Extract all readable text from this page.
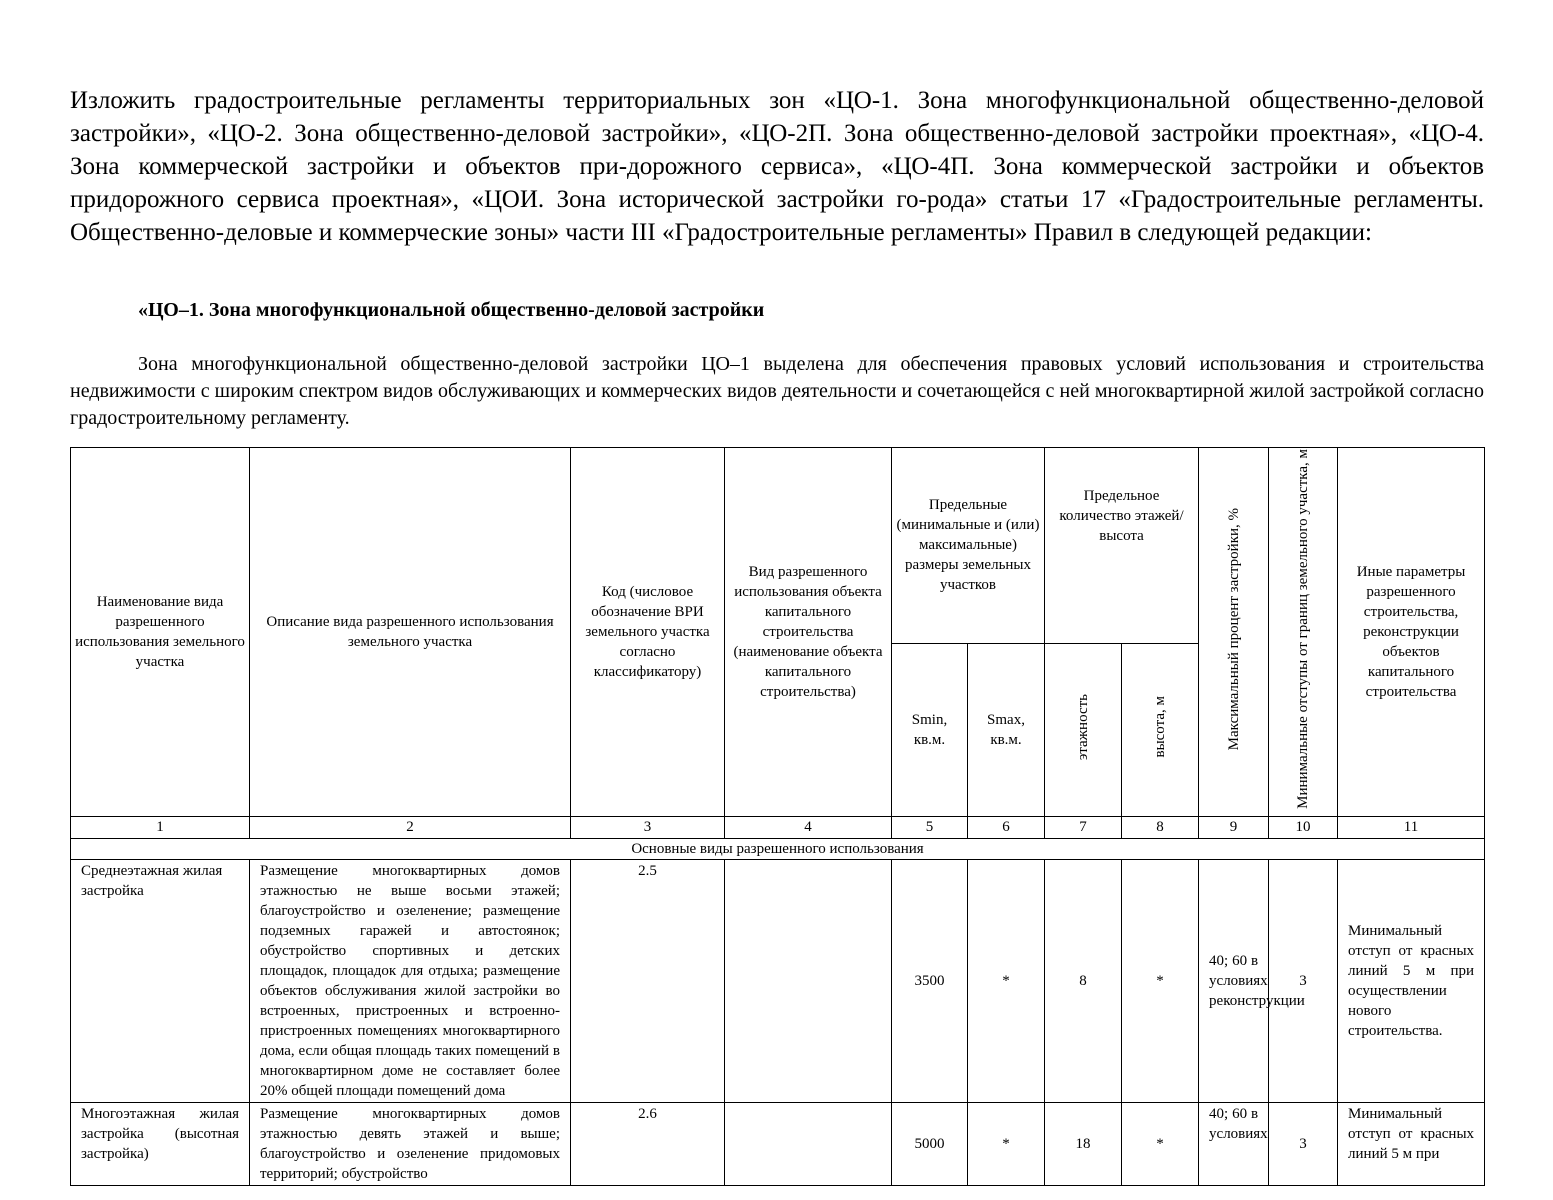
Изложить градостроительные регламенты территориальных зон «ЦО-1. Зона многофункциональной общественно-деловой застройки», «ЦО-2. Зона общественно-деловой застройки», «ЦО-2П. Зона общественно-деловой застройки проектная», «ЦО-4. Зона коммерческой застройки и объектов при-дорожного сервиса», «ЦО-4П. Зона коммерческой застройки и объектов придорожного сервиса проектная», «ЦОИ. Зона исторической застройки го-рода» статьи 17 «Градостроительные регламенты. Общественно-деловые и коммерческие зоны» части III «Градостроительные регламенты» Правил в следующей редакции:

«ЦО–1. Зона многофункциональной общественно-деловой застройки

Зона многофункциональной общественно-деловой застройки ЦО–1 выделена для обеспечения правовых условий использования и строительства недвижимости с широким спектром видов обслуживающих и коммерческих видов деятельности и сочетающейся с ней многоквартирной жилой застройкой согласно градостроительному регламенту.

Наименование вида разрешенного использования земельного участка	Описание вида разрешенного использования земельного участка	Код (числовое обозначение ВРИ земельного участка согласно классификатору)	Вид разрешенного использования объекта капитального строительства (наименование объекта капитального строительства)	Предельные (минимальные и (или) максимальные) размеры земельных участков		Предельное количество этажей/высота		Максимальный процент застройки, %	Минимальные отступы от границ земельного участка, м	Иные параметры разрешенного строительства, реконструкции объектов капитального строительства
				Smin, кв.м.	Smax, кв.м.	этажность	высота, м			
1	2	3	4	5	6	7	8	9	10	11
Основные виды разрешенного использования										
Среднеэтажная жилая застройка	Размещение многоквартирных домов этажностью не выше восьми этажей; благоустройство и озеленение; размещение подземных гаражей и автостоянок; обустройство спортивных и детских площадок, площадок для отдыха; размещение объектов обслуживания жилой застройки во встроенных, пристроенных и встроенно-пристроенных помещениях многоквартирного дома, если общая площадь таких помещений в многоквартирном доме не составляет более 20% общей площади помещений дома	2.5		3500	*	8	*	40; 60 в условиях реконструкции	3	Минимальный отступ от красных линий 5 м при осуществлении нового строительства.
Многоэтажная жилая застройка (высотная застройка)	Размещение многоквартирных домов этажностью девять этажей и выше; благоустройство и озеленение придомовых территорий; обустройство	2.6		5000	*	18	*	40; 60 в условиях	3	Минимальный отступ от красных линий 5 м при
